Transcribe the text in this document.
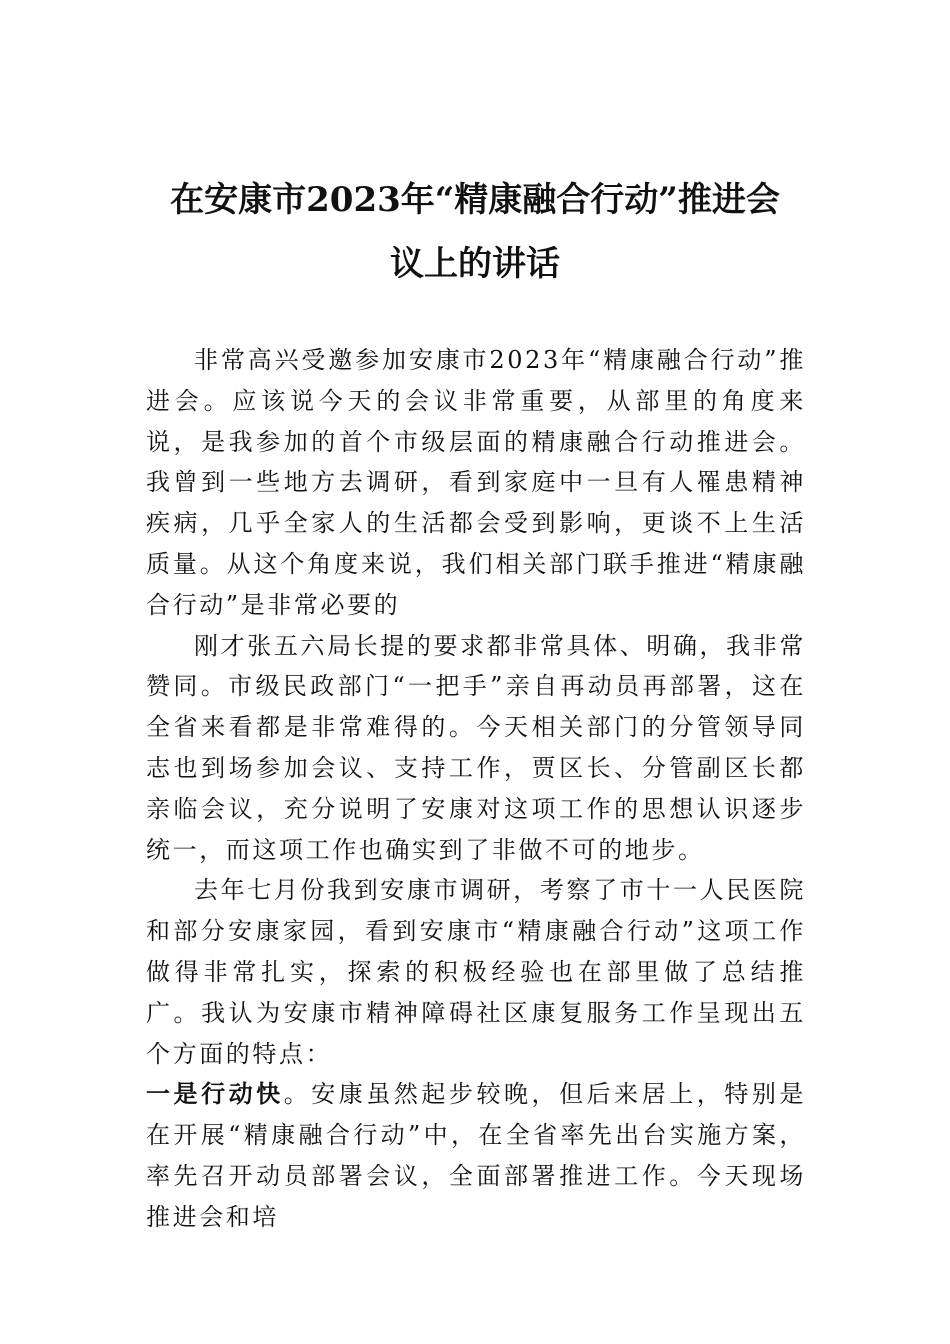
在安康市2023年“精康融合行动”推进会
议上的讲话

非常高兴受邀参加安康市2023年“精康融合行动”推进会。应该说今天的会议非常重要，从部里的角度来说，是我参加的首个市级层面的精康融合行动推进会。我曾到一些地方去调研，看到家庭中一旦有人罹患精神疾病，几乎全家人的生活都会受到影响，更谈不上生活质量。从这个角度来说，我们相关部门联手推进“精康融合行动”是非常必要的

刚才张五六局长提的要求都非常具体、明确，我非常赞同。市级民政部门“一把手”亲自再动员再部署，这在全省来看都是非常难得的。今天相关部门的分管领导同志也到场参加会议、支持工作，贾区长、分管副区长都亲临会议，充分说明了安康对这项工作的思想认识逐步统一，而这项工作也确实到了非做不可的地步。

去年七月份我到安康市调研，考察了市十一人民医院和部分安康家园，看到安康市“精康融合行动”这项工作做得非常扎实，探索的积极经验也在部里做了总结推广。我认为安康市精神障碍社区康复服务工作呈现出五个方面的特点：

一是行动快。安康虽然起步较晚，但后来居上，特别是在开展“精康融合行动”中，在全省率先出台实施方案，率先召开动员部署会议，全面部署推进工作。今天现场推进会和培
